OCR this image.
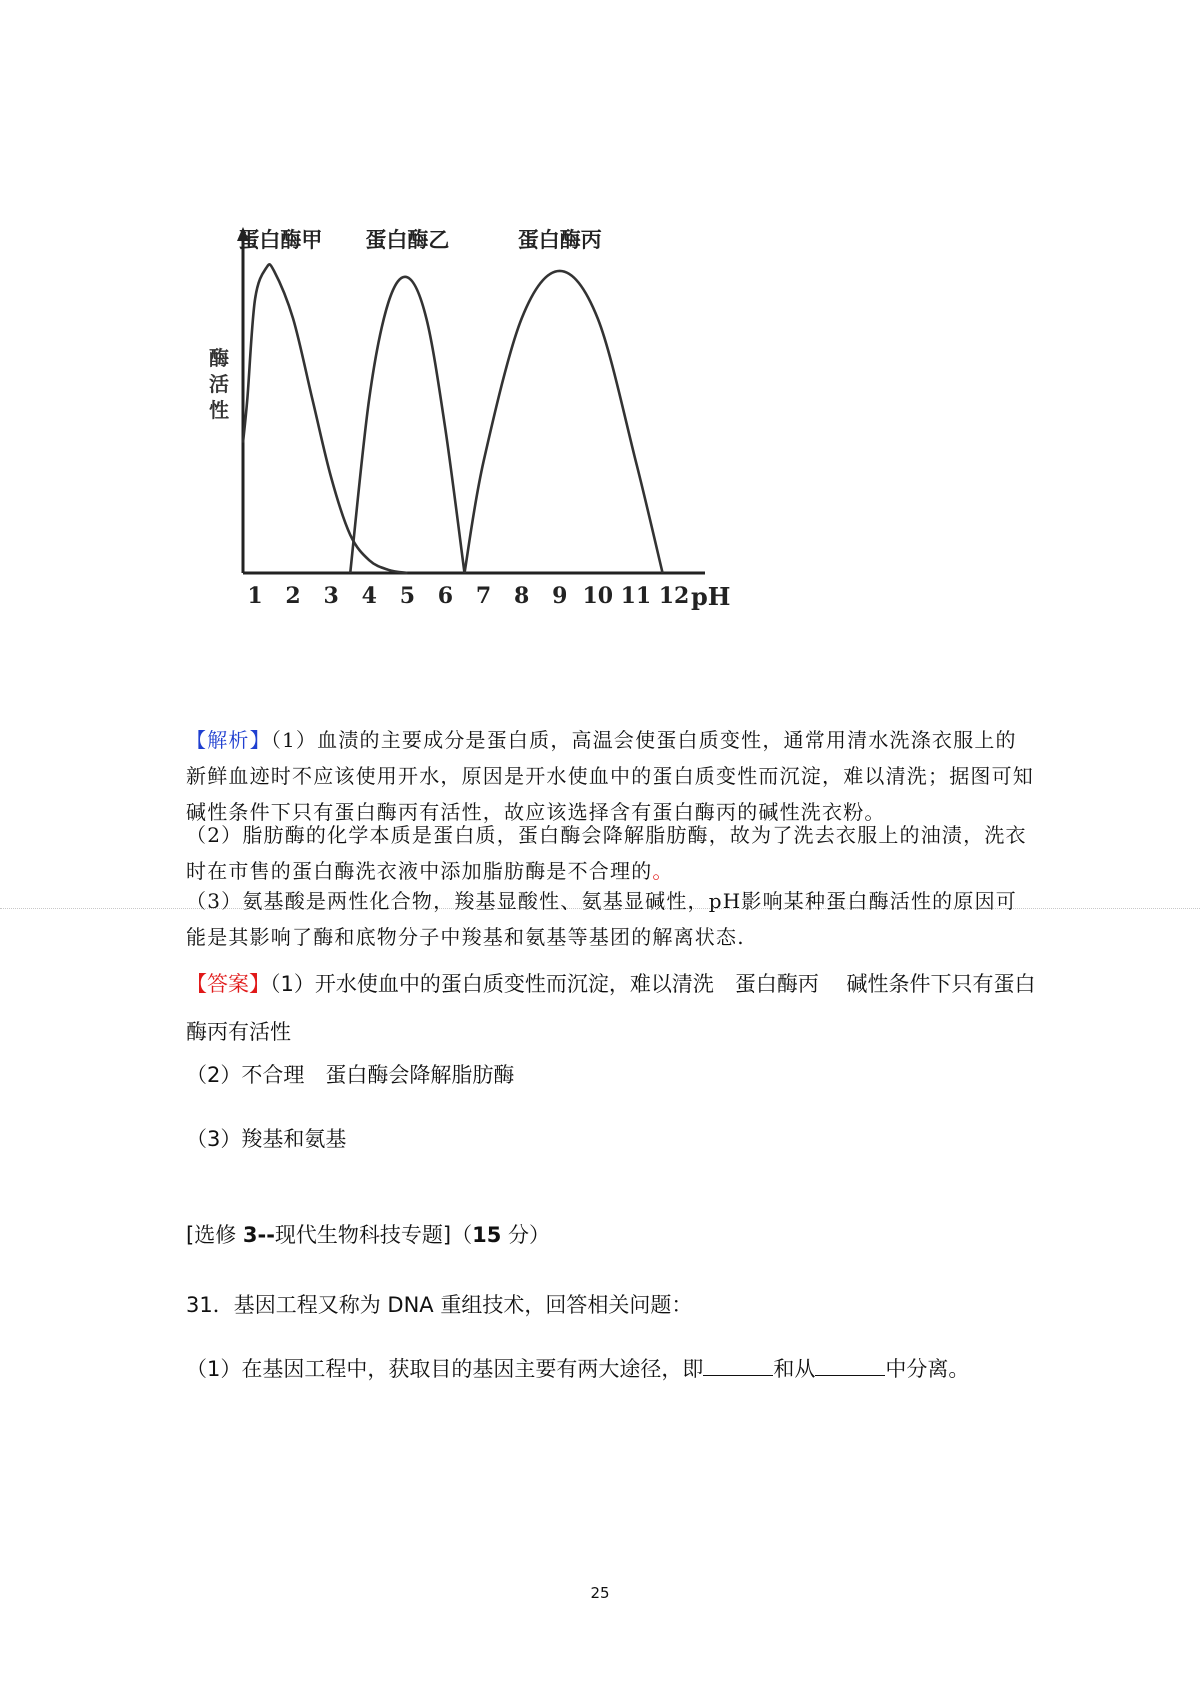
1 2 3 4 5 6 7 8 9 10 11 12
蛋白酶甲 蛋白酶乙	蛋白酶丙
pH
酶活性

【解析】（1）血渍的主要成分是蛋白质，高温会使蛋白质变性，通常用清水洗涤衣服上的新鲜血迹时不应该使用开水，原因是开水使血中的蛋白质变性而沉淀，难以清洗；据图可知碱性条件下只有蛋白酶丙有活性，故应该选择含有蛋白酶丙的碱性洗衣粉。

（2）脂肪酶的化学本质是蛋白质，蛋白酶会降解脂肪酶，故为了洗去衣服上的油渍，洗衣时在市售的蛋白酶洗衣液中添加脂肪酶是不合理的。

（3）氨基酸是两性化合物，羧基显酸性、氨基显碱性，pH影响某种蛋白酶活性的原因可能是其影响了酶和底物分子中羧基和氨基等基团的解离状态.

【答案】（1）开水使血中的蛋白质变性而沉淀，难以清洗　蛋白酶丙　 碱性条件下只有蛋白酶丙有活性

（2）不合理　蛋白酶会降解脂肪酶

（3）羧基和氨基

[选修 3--现代生物科技专题]（15 分）

31．基因工程又称为 DNA 重组技术，回答相关问题：

（1）在基因工程中，获取目的基因主要有两大途径，即	和从	中分离。

25
